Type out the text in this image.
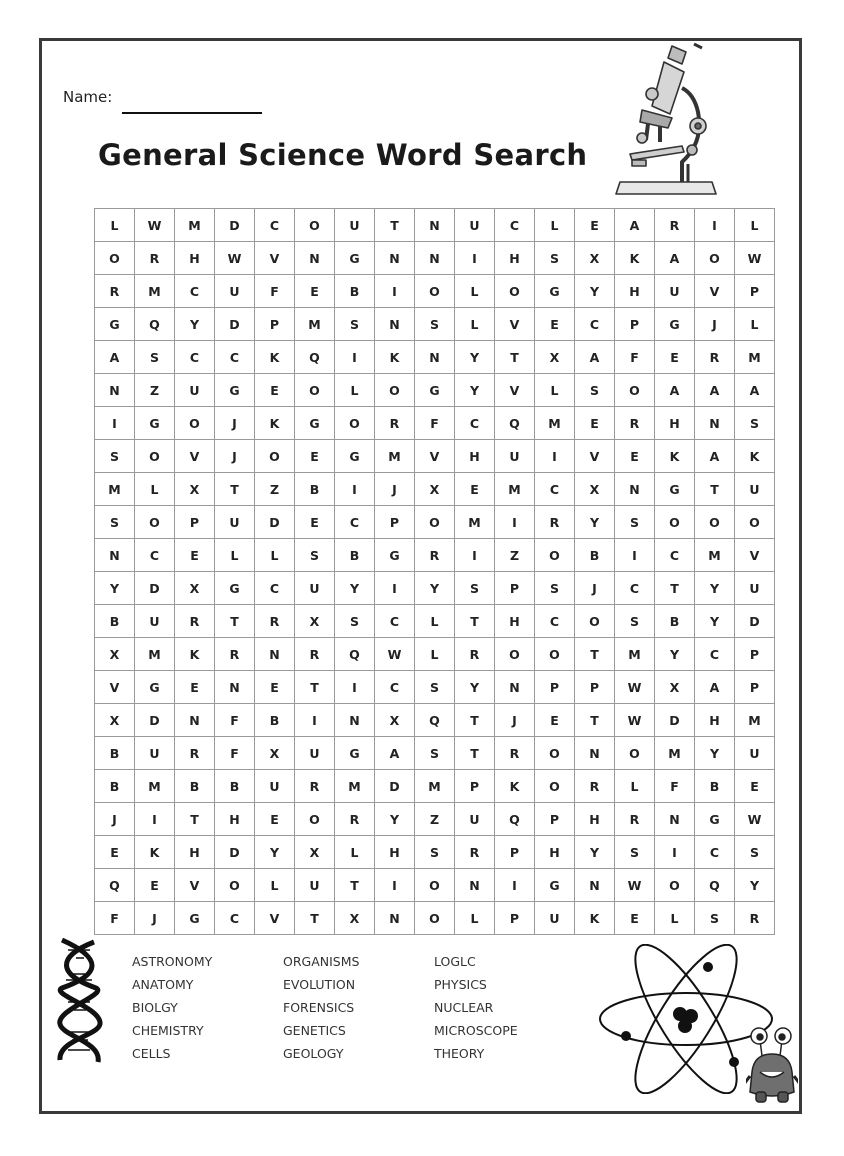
Name:
General Science Word Search
L	W	M	D	C	O	U	T	N	U	C	L	E	A	R	I	L
O	R	H	W	V	N	G	N	N	I	H	S	X	K	A	O	W
R	M	C	U	F	E	B	I	O	L	O	G	Y	H	U	V	P
G	Q	Y	D	P	M	S	N	S	L	V	E	C	P	G	J	L
A	S	C	C	K	Q	I	K	N	Y	T	X	A	F	E	R	M
N	Z	U	G	E	O	L	O	G	Y	V	L	S	O	A	A	A
I	G	O	J	K	G	O	R	F	C	Q	M	E	R	H	N	S
S	O	V	J	O	E	G	M	V	H	U	I	V	E	K	A	K
M	L	X	T	Z	B	I	J	X	E	M	C	X	N	G	T	U
S	O	P	U	D	E	C	P	O	M	I	R	Y	S	O	O	O
N	C	E	L	L	S	B	G	R	I	Z	O	B	I	C	M	V
Y	D	X	G	C	U	Y	I	Y	S	P	S	J	C	T	Y	U
B	U	R	T	R	X	S	C	L	T	H	C	O	S	B	Y	D
X	M	K	R	N	R	Q	W	L	R	O	O	T	M	Y	C	P
V	G	E	N	E	T	I	C	S	Y	N	P	P	W	X	A	P
X	D	N	F	B	I	N	X	Q	T	J	E	T	W	D	H	M
B	U	R	F	X	U	G	A	S	T	R	O	N	O	M	Y	U
B	M	B	B	U	R	M	D	M	P	K	O	R	L	F	B	E
J	I	T	H	E	O	R	Y	Z	U	Q	P	H	R	N	G	W
E	K	H	D	Y	X	L	H	S	R	P	H	Y	S	I	C	S
Q	E	V	O	L	U	T	I	O	N	I	G	N	W	O	Q	Y
F	J	G	C	V	T	X	N	O	L	P	U	K	E	L	S	R
ASTRONOMY
ANATOMY
BIOLGY
CHEMISTRY
CELLS
ORGANISMS
EVOLUTION
FORENSICS
GENETICS
GEOLOGY
LOGLC
PHYSICS
NUCLEAR
MICROSCOPE
THEORY
